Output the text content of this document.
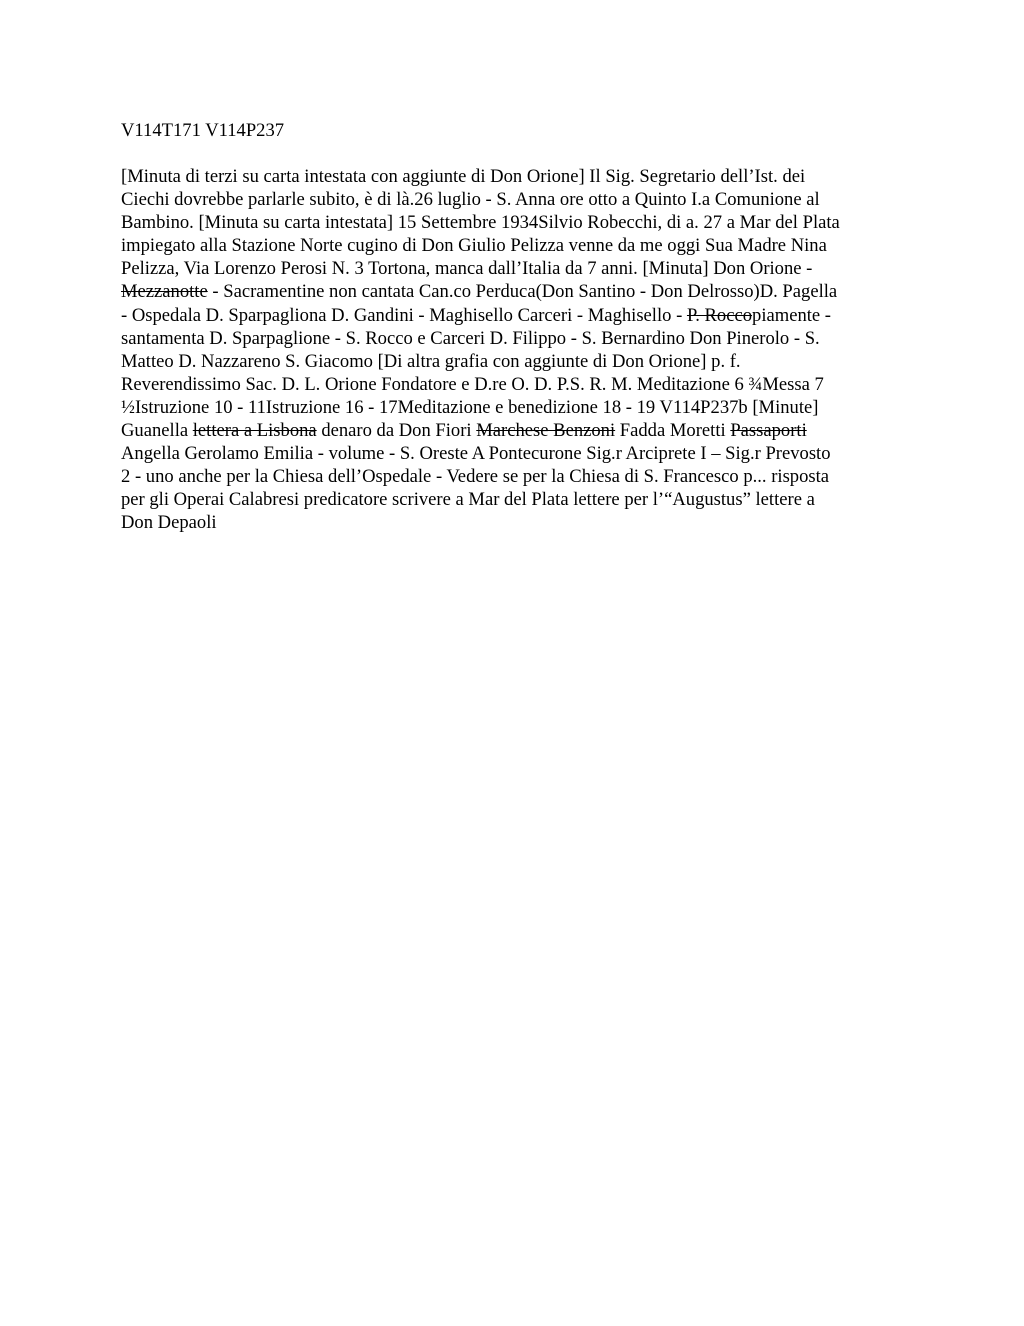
V114T171 V114P237
[Minuta di terzi su carta intestata con aggiunte di Don Orione] Il Sig. Segretario dell’Ist. dei
Ciechi dovrebbe parlarle subito, è di là.26 luglio - S. Anna ore otto a Quinto I.a Comunione al
Bambino. [Minuta su carta intestata] 15 Settembre 1934Silvio Robecchi, di a. 27 a Mar del Plata
impiegato alla Stazione Norte cugino di Don Giulio Pelizza venne da me oggi Sua Madre Nina
Pelizza, Via Lorenzo Perosi N. 3 Tortona, manca dall’Italia da 7 anni. [Minuta] Don Orione -
Mezzanotte - Sacramentine non cantata Can.co Perduca(Don Santino - Don Delrosso)D. Pagella
- Ospedala D. Sparpagliona D. Gandini - Maghisello Carceri - Maghisello - P. Roccopiamente -
santamenta D. Sparpaglione - S. Rocco e Carceri D. Filippo - S. Bernardino Don Pinerolo - S.
Matteo D. Nazzareno S. Giacomo [Di altra grafia con aggiunte di Don Orione] p. f.
Reverendissimo Sac. D. L. Orione Fondatore e D.re O. D. P.S. R. M. Meditazione 6 ¾Messa 7
½Istruzione 10 - 11Istruzione 16 - 17Meditazione e benedizione 18 - 19 V114P237b [Minute]
Guanella lettera a Lisbona denaro da Don Fiori Marchese Benzoni Fadda Moretti Passaporti
Angella Gerolamo Emilia - volume - S. Oreste A Pontecurone Sig.r Arciprete I – Sig.r Prevosto
2 - uno anche per la Chiesa dell’Ospedale - Vedere se per la Chiesa di S. Francesco p... risposta
per gli Operai Calabresi predicatore scrivere a Mar del Plata lettere per l’“Augustus” lettere a
Don Depaoli
